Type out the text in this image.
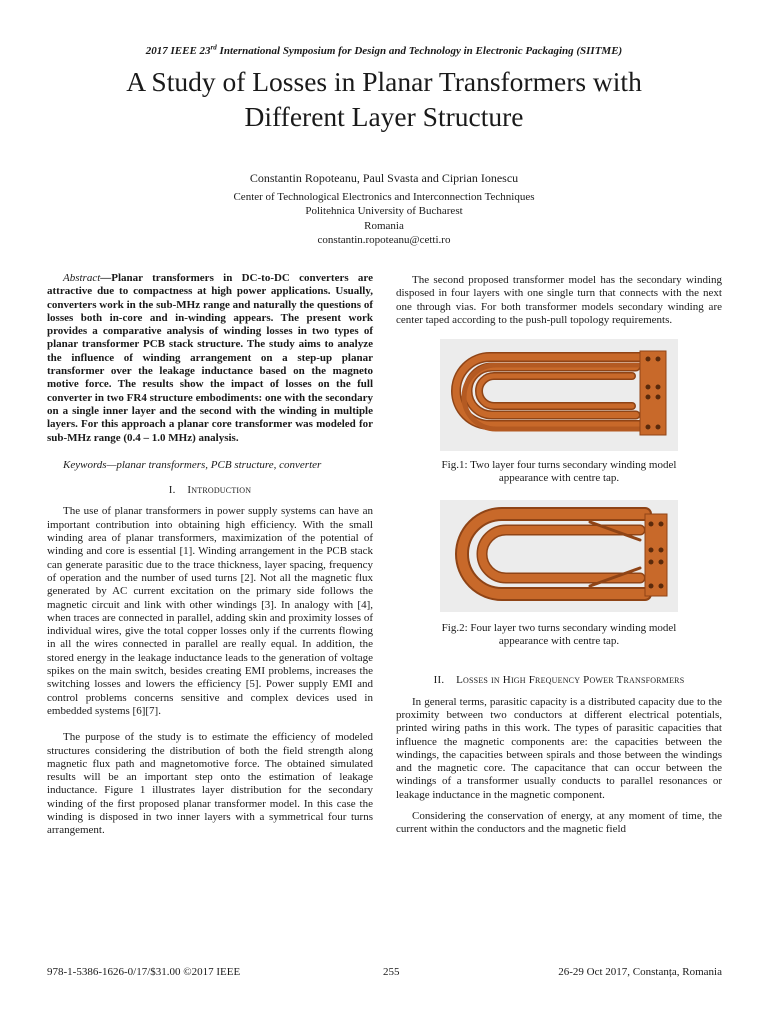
2017 IEEE 23rd International Symposium for Design and Technology in Electronic Packaging (SIITME)
A Study of Losses in Planar Transformers with
Different Layer Structure
Constantin Ropoteanu, Paul Svasta and Ciprian Ionescu
Center of Technological Electronics and Interconnection Techniques
Politehnica University of Bucharest
Romania
constantin.ropoteanu@cetti.ro

Abstract—Planar transformers in DC-to-DC converters are attractive due to compactness at high power applications. Usually, converters work in the sub-MHz range and naturally the questions of losses both in-core and in-winding appears. The present work provides a comparative analysis of winding losses in two types of planar transformer PCB stack structure. The study aims to analyze the influence of winding arrangement on a step-up planar transformer over the leakage inductance based on the magneto motive force. The results show the impact of losses on the full converter in two FR4 structure embodiments: one with the secondary on a single inner layer and the second with the winding in multiple layers. For this approach a planar core transformer was modeled for sub-MHz range (0.4 – 1.0 MHz) analysis.

Keywords—planar transformers, PCB structure, converter

I. Introduction

The use of planar transformers in power supply systems can have an important contribution into obtaining high efficiency. With the small winding area of planar transformers, maximization of the potential of winding and core is essential [1]. Winding arrangement in the PCB stack can generate parasitic due to the trace thickness, layer spacing, frequency of operation and the number of used turns [2]. Not all the magnetic flux generated by AC current excitation on the primary side follows the magnetic circuit and link with other windings [3]. In analogy with [4], when traces are connected in parallel, adding skin and proximity losses of individual wires, give the total copper losses only if the currents flowing in all the wires connected in parallel are really equal. In addition, the stored energy in the leakage inductance leads to the generation of voltage spikes on the main switch, besides creating EMI problems, increases the switching losses and lowers the efficiency [5]. Power supply EMI and control problems concerns sensitive and complex devices used in embedded systems [6][7].

The purpose of the study is to estimate the efficiency of modeled structures considering the distribution of both the field strength along magnetic flux path and magnetomotive force. The obtained simulated results will be an important step onto the estimation of leakage inductance. Figure 1 illustrates layer distribution for the secondary winding of the first proposed planar transformer model. In this case the winding is disposed in two inner layers with a symmetrical four turns arrangement.

The second proposed transformer model has the secondary winding disposed in four layers with one single turn that connects with the next one through vias. For both transformer models secondary winding are center taped according to the push-pull topology requirements.

Fig.1: Two layer four turns secondary winding model
appearance with centre tap.
Fig.2: Four layer two turns secondary winding model
appearance with centre tap.
II. Losses in High Frequency Power Transformers

In general terms, parasitic capacity is a distributed capacity due to the proximity between two conductors at different electrical potentials, printed wiring paths in this work. The types of parasitic capacities that influence the magnetic components are: the capacities between the windings, the capacities between spirals and those between the windings and the magnetic core. The capacitance that can occur between the windings of a transformer usually conducts to parallel resonances or leakage inductance in the magnetic component.

Considering the conservation of energy, at any moment of time, the current within the conductors and the magnetic field

978-1-5386-1626-0/17/$31.00 ©2017 IEEE	255	26-29 Oct 2017, Constanța, Romania
